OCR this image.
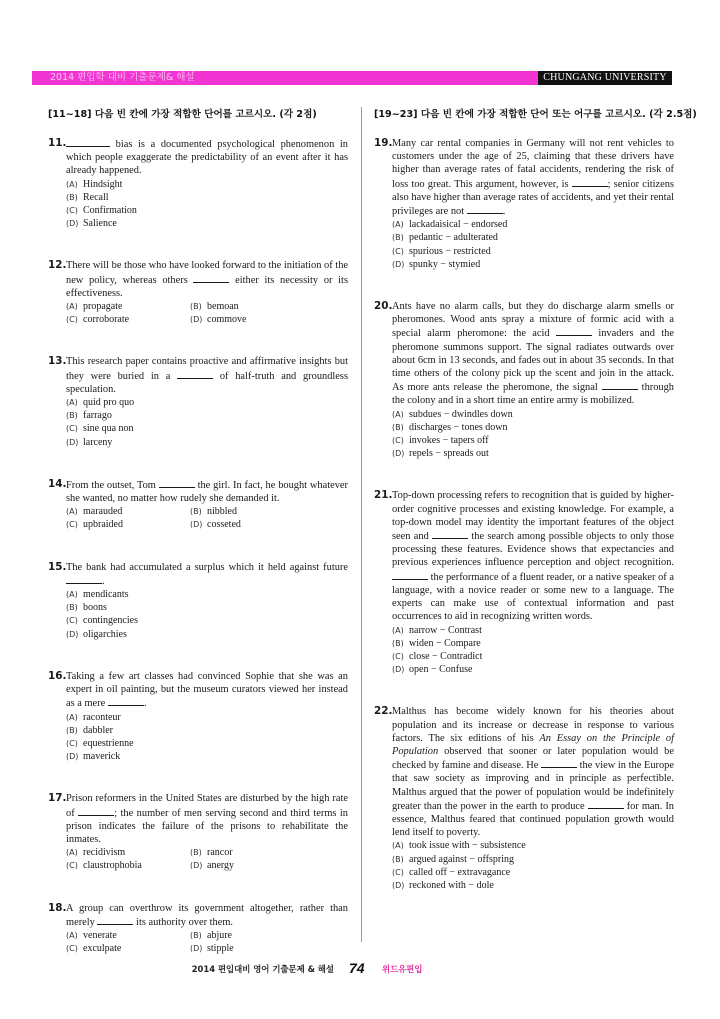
2014 편입학 대비 기출문제& 해설	CHUNGANG UNIVERSITY
[11~18] 다음 빈 칸에 가장 적합한 단어를 고르시오. (각 2점)
11.	bias is a documented psychological phenomenon in which people exaggerate the predictability of an event after it has already happened.

(A) Hindsight
(B) Recall
(C) Confirmation
(D) Salience
12. There will be those who have looked forward to the initiation of the new policy, whereas others	either its necessity or its effectiveness.

(A) propagate	(B) bemoan
(C) corroborate	(D) commove
13. This research paper contains proactive and affirmative insights but they were buried in a	of half-truth and groundless speculation.

(A) quid pro quo
(B) farrago
(C) sine qua non
(D) larceny
14. From the outset, Tom	the girl. In fact, he bought whatever she wanted, no matter how rudely she demanded it.

(A) marauded	(B) nibbled
(C) upbraided	(D) cosseted
15. The bank had accumulated a surplus which it held against future .

(A) mendicants
(B) boons
(C) contingencies
(D) oligarchies
16. Taking a few art classes had convinced Sophie that she was an expert in oil painting, but the museum curators viewed her instead as a mere	.

(A) raconteur
(B) dabbler
(C) equestrienne
(D) maverick
17. Prison reformers in the United States are disturbed by the high rate of	; the number of men serving second and third terms in prison indicates the failure of the prisons to rehabilitate the inmates.

(A) recidivism	(B) rancor
(C) claustrophobia	(D) anergy
18. A group can overthrow its government altogether, rather than merely	its authority over them.

(A) venerate	(B) abjure
(C) exculpate	(D) stipple
[19~23] 다음 빈 칸에 가장 적합한 단어 또는 어구를 고르시오. (각 2.5점)
19. Many car rental companies in Germany will not rent vehicles to customers under the age of 25, claiming that these drivers have higher than average rates of fatal accidents, rendering the risk of loss too great. This argument, however, is	; senior citizens also have higher than average rates of accidents, and yet their rental privileges are not	.

(A) lackadaisical − endorsed
(B) pedantic − adulterated
(C) spurious − restricted
(D) spunky − stymied
20. Ants have no alarm calls, but they do discharge alarm smells or pheromones. Wood ants spray a mixture of formic acid with a special alarm pheromone: the acid	invaders and the pheromone summons support. The signal radiates outwards over about 6cm in 13 seconds, and fades out in about 35 seconds. In that time others of the colony pick up the scent and join in the attack. As more ants release the pheromone, the signal	through the colony and in a short time an entire army is mobilized.

(A) subdues − dwindles down
(B) discharges − tones down
(C) invokes − tapers off
(D) repels − spreads out
21. Top-down processing refers to recognition that is guided by higher-order cognitive processes and existing knowledge. For example, a top-down model may identity the important features of the object seen and	the search among possible objects to only those processing these features. Evidence shows that expectancies and previous experiences influence perception and object recognition.  the performance of a fluent reader, or a native speaker of a language, with a novice reader or some new to a language. The experts can make use of contextual information and past occurrences to aid in recognizing written words.

(A) narrow − Contrast
(B) widen − Compare
(C) close − Contradict
(D) open − Confuse
22. Malthus has become widely known for his theories about population and its increase or decrease in response to various factors. The six editions of his An Essay on the Principle of Population observed that sooner or later population would be checked by famine and disease. He	the view in the Europe that saw society as improving and in principle as perfectible. Malthus argued that the power of population would be indefinitely greater than the power in the earth to produce	for man. In essence, Malthus feared that continued population growth would lend itself to poverty.

(A) took issue with − subsistence
(B) argued against − offspring
(C) called off − extravagance
(D) reckoned with − dole
2014 편입대비 영어 기출문제 & 해설 74 위드유편입
